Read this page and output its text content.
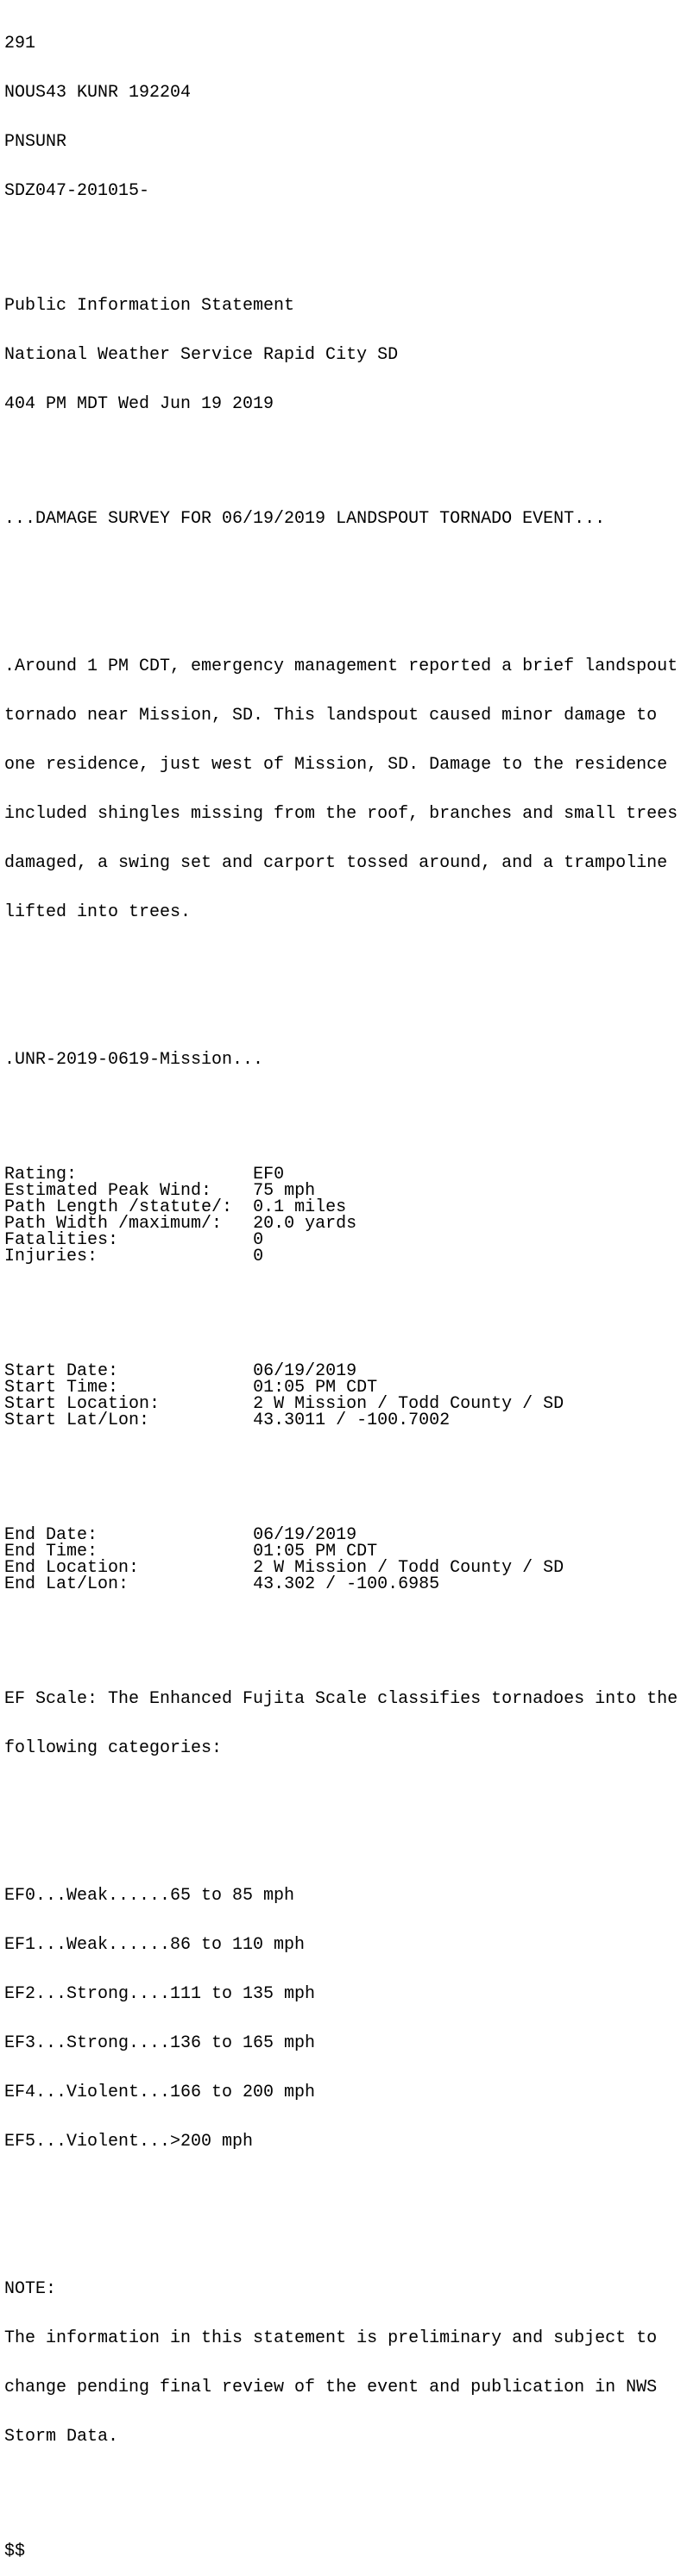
291

NOUS43 KUNR 192204

PNSUNR

SDZ047-201015-

Public Information Statement

National Weather Service Rapid City SD

404 PM MDT Wed Jun 19 2019

...DAMAGE SURVEY FOR 06/19/2019 LANDSPOUT TORNADO EVENT...

.Around 1 PM CDT, emergency management reported a brief landspout

tornado near Mission, SD. This landspout caused minor damage to

one residence, just west of Mission, SD. Damage to the residence

included shingles missing from the roof, branches and small trees

damaged, a swing set and carport tossed around, and a trampoline

lifted into trees.

.UNR-2019-0619-Mission...

Rating:	EF0
Estimated Peak Wind: 75 mph
Path Length /statute/: 0.1 miles
Path Width /maximum/: 20.0 yards
Fatalities:	0
Injuries:	0

Start Date:	06/19/2019
Start Time:	01:05 PM CDT
Start Location:	2 W Mission / Todd County / SD
Start Lat/Lon:	43.3011 / -100.7002

End Date:	06/19/2019
End Time:	01:05 PM CDT
End Location:	2 W Mission / Todd County / SD
End Lat/Lon:	43.302 / -100.6985

EF Scale: The Enhanced Fujita Scale classifies tornadoes into the

following categories:

EF0...Weak......65 to 85 mph

EF1...Weak......86 to 110 mph

EF2...Strong....111 to 135 mph

EF3...Strong....136 to 165 mph

EF4...Violent...166 to 200 mph

EF5...Violent...>200 mph

NOTE:

The information in this statement is preliminary and subject to

change pending final review of the event and publication in NWS

Storm Data.

$$
